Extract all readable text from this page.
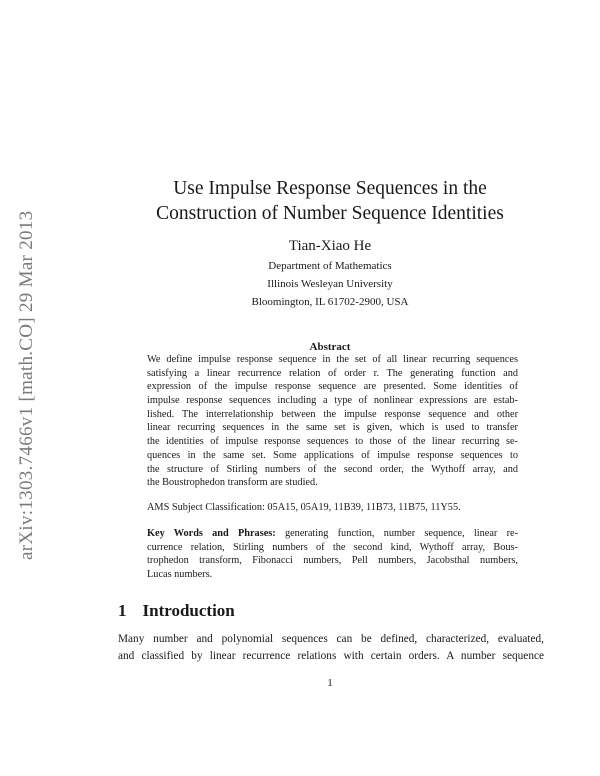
arXiv:1303.7466v1 [math.CO] 29 Mar 2013
Use Impulse Response Sequences in the
Construction of Number Sequence Identities
Tian-Xiao He
Department of Mathematics
Illinois Wesleyan University
Bloomington, IL 61702-2900, USA
Abstract
We define impulse response sequence in the set of all linear recurring sequences
satisfying a linear recurrence relation of order r. The generating function and
expression of the impulse response sequence are presented. Some identities of
impulse response sequences including a type of nonlinear expressions are estab-
lished. The interrelationship between the impulse response sequence and other
linear recurring sequences in the same set is given, which is used to transfer
the identities of impulse response sequences to those of the linear recurring se-
quences in the same set. Some applications of impulse response sequences to
the structure of Stirling numbers of the second order, the Wythoff array, and
the Boustrophedon transform are studied.
AMS Subject Classification: 05A15, 05A19, 11B39, 11B73, 11B75, 11Y55.
Key Words and Phrases: generating function, number sequence, linear re-
currence relation, Stirling numbers of the second kind, Wythoff array, Bous-
trophedon transform, Fibonacci numbers, Pell numbers, Jacobsthal numbers,
Lucas numbers.
1 Introduction
Many number and polynomial sequences can be defined, characterized, evaluated,
and classified by linear recurrence relations with certain orders. A number sequence
1
